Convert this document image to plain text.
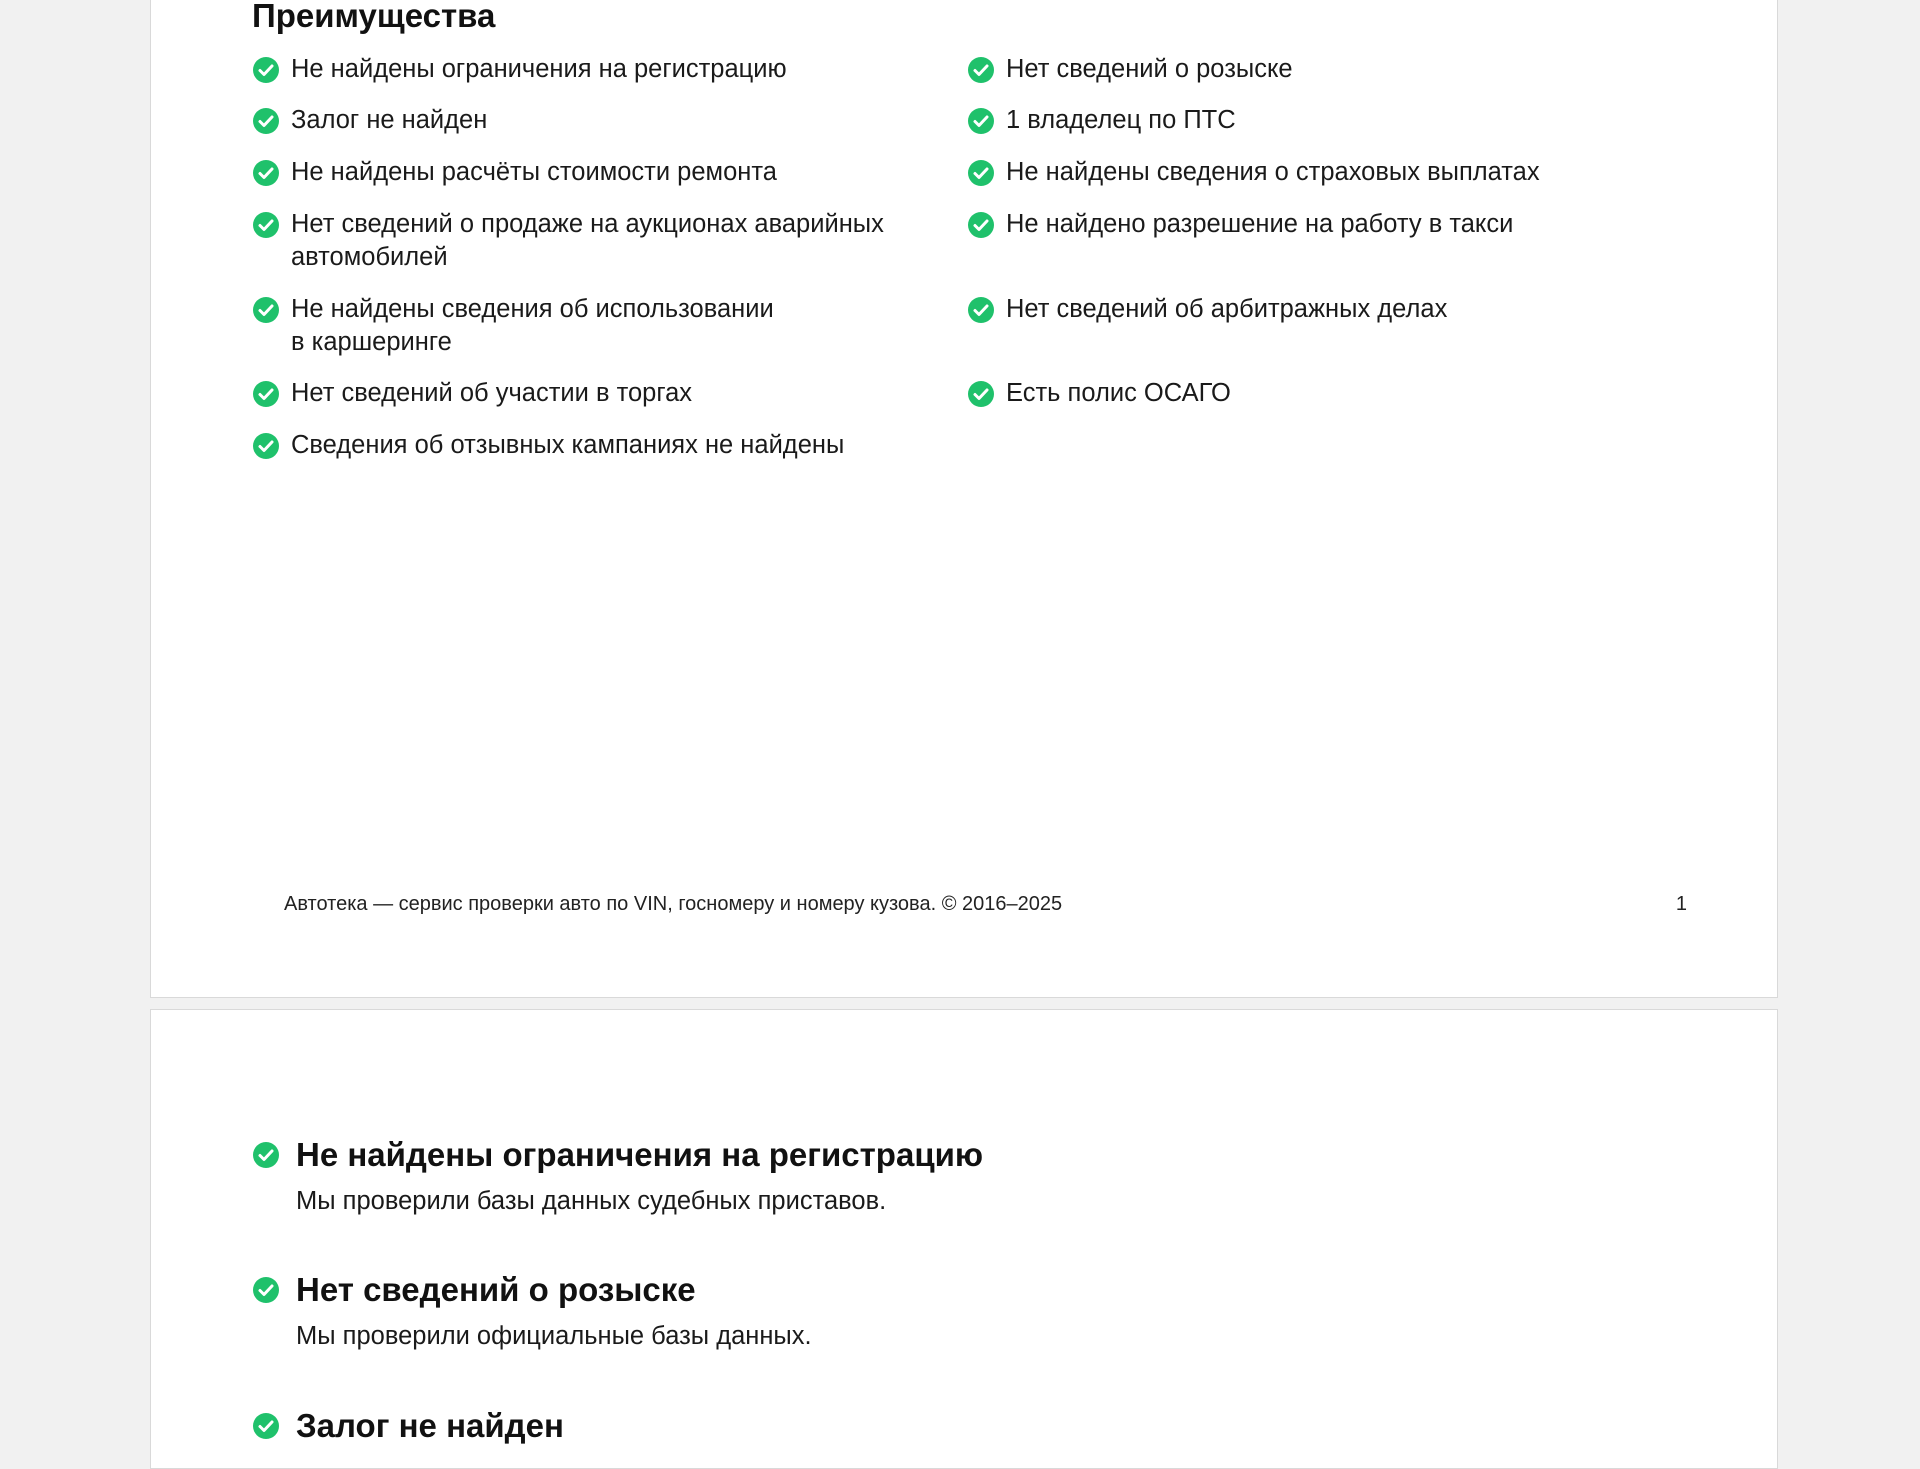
Преимущества
Не найдены ограничения на регистрацию
Залог не найден
Не найдены расчёты стоимости ремонта
Нет сведений о продаже на аукционах аварийных
автомобилей
Не найдены сведения об использовании
в каршеринге
Нет сведений об участии в торгах
Сведения об отзывных кампаниях не найдены
Нет сведений о розыске
1 владелец по ПТС
Не найдены сведения о страховых выплатах
Не найдено разрешение на работу в такси
Нет сведений об арбитражных делах
Есть полис ОСАГО
Автотека — сервис проверки авто по VIN, госномеру и номеру кузова. © 2016–2025	1
Не найдены ограничения на регистрацию
Мы проверили базы данных судебных приставов.
Нет сведений о розыске
Мы проверили официальные базы данных.
Залог не найден
